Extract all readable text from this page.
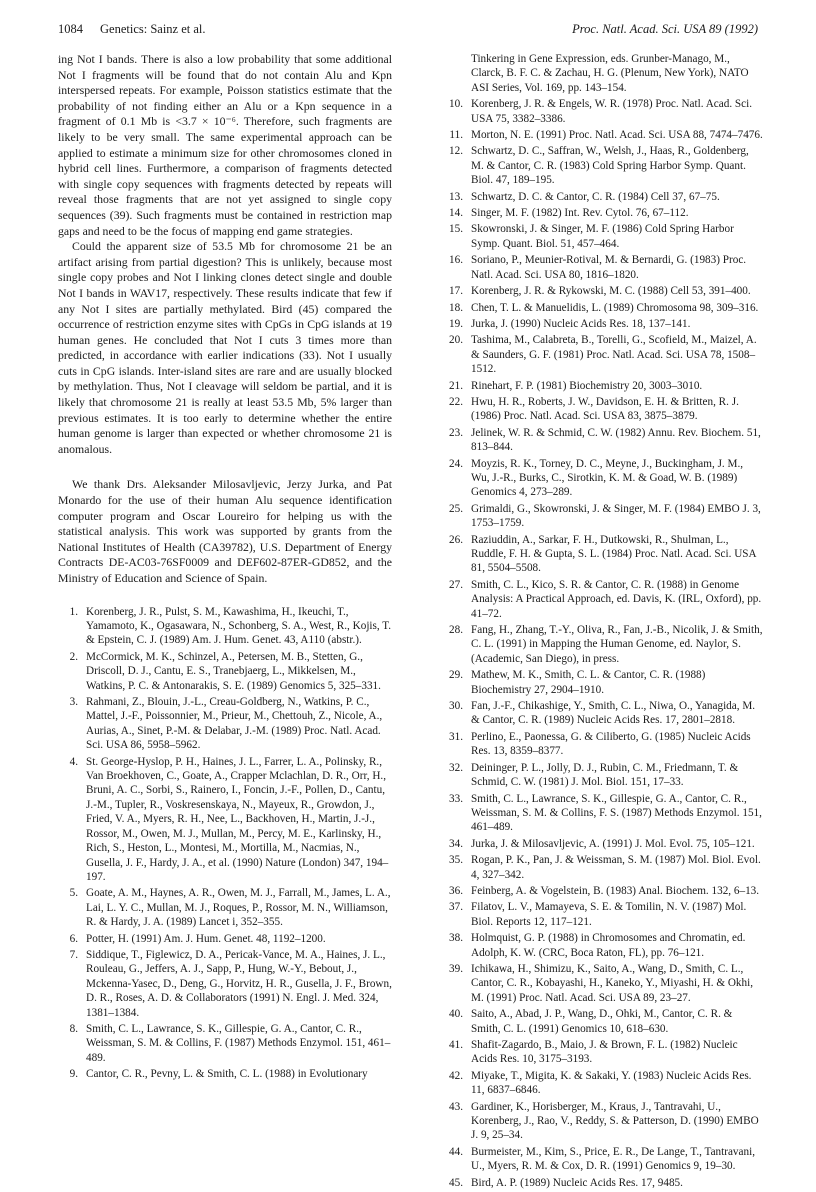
1084 Genetics: Sainz et al.	Proc. Natl. Acad. Sci. USA 89 (1992)

ing Not I bands. There is also a low probability that some additional Not I fragments will be found that do not contain Alu and Kpn interspersed repeats. For example, Poisson statistics estimate that the probability of not finding either an Alu or a Kpn sequence in a fragment of 0.1 Mb is <3.7 × 10⁻⁶. Therefore, such fragments are likely to be very small. The same experimental approach can be applied to estimate a minimum size for other chromosomes cloned in hybrid cell lines. Furthermore, a comparison of fragments detected with single copy sequences with fragments detected by repeats will reveal those fragments that are not yet assigned to single copy sequences (39). Such fragments must be contained in restriction map gaps and need to be the focus of mapping end game strategies.

Could the apparent size of 53.5 Mb for chromosome 21 be an artifact arising from partial digestion? This is unlikely, because most single copy probes and Not I linking clones detect single and double Not I bands in WAV17, respectively. These results indicate that few if any Not I sites are partially methylated. Bird (45) compared the occurrence of restriction enzyme sites with CpGs in CpG islands at 19 human genes. He concluded that Not I cuts 3 times more than predicted, in accordance with earlier indications (33). Not I usually cuts in CpG islands. Inter-island sites are rare and are usually blocked by methylation. Thus, Not I cleavage will seldom be partial, and it is likely that chromosome 21 is really at least 53.5 Mb, 5% larger than previous estimates. It is too early to determine whether the entire human genome is larger than expected or whether chromosome 21 is anomalous.

We thank Drs. Aleksander Milosavljevic, Jerzy Jurka, and Pat Monardo for the use of their human Alu sequence identification computer program and Oscar Loureiro for helping us with the statistical analysis. This work was supported by grants from the National Institutes of Health (CA39782), U.S. Department of Energy Contracts DE-AC03-76SF0009 and DEF602-87ER-GD852, and the Ministry of Education and Science of Spain.

1. Korenberg, J. R., Pulst, S. M., Kawashima, H., Ikeuchi, T., Yamamoto, K., Ogasawara, N., Schonberg, S. A., West, R., Kojis, T. & Epstein, C. J. (1989) Am. J. Hum. Genet. 43, A110 (abstr.).
2. McCormick, M. K., Schinzel, A., Petersen, M. B., Stetten, G., Driscoll, D. J., Cantu, E. S., Tranebjaerg, L., Mikkelsen, M., Watkins, P. C. & Antonarakis, S. E. (1989) Genomics 5, 325–331.
3. Rahmani, Z., Blouin, J.-L., Creau-Goldberg, N., Watkins, P. C., Mattel, J.-F., Poissonnier, M., Prieur, M., Chettouh, Z., Nicole, A., Aurias, A., Sinet, P.-M. & Delabar, J.-M. (1989) Proc. Natl. Acad. Sci. USA 86, 5958–5962.
4. St. George-Hyslop, P. H., Haines, J. L., Farrer, L. A., Polinsky, R., Van Broekhoven, C., Goate, A., Crapper Mclachlan, D. R., Orr, H., Bruni, A. C., Sorbi, S., Rainero, I., Foncin, J.-F., Pollen, D., Cantu, J.-M., Tupler, R., Voskresenskaya, N., Mayeux, R., Growdon, J., Fried, V. A., Myers, R. H., Nee, L., Backhoven, H., Martin, J.-J., Rossor, M., Owen, M. J., Mullan, M., Percy, M. E., Karlinsky, H., Rich, S., Heston, L., Montesi, M., Mortilla, M., Nacmias, N., Gusella, J. F., Hardy, J. A., et al. (1990) Nature (London) 347, 194–197.
5. Goate, A. M., Haynes, A. R., Owen, M. J., Farrall, M., James, L. A., Lai, L. Y. C., Mullan, M. J., Roques, P., Rossor, M. N., Williamson, R. & Hardy, J. A. (1989) Lancet i, 352–355.
6. Potter, H. (1991) Am. J. Hum. Genet. 48, 1192–1200.
7. Siddique, T., Figlewicz, D. A., Pericak-Vance, M. A., Haines, J. L., Rouleau, G., Jeffers, A. J., Sapp, P., Hung, W.-Y., Bebout, J., Mckenna-Yasec, D., Deng, G., Horvitz, H. R., Gusella, J. F., Brown, D. R., Roses, A. D. & Collaborators (1991) N. Engl. J. Med. 324, 1381–1384.
8. Smith, C. L., Lawrance, S. K., Gillespie, G. A., Cantor, C. R., Weissman, S. M. & Collins, F. (1987) Methods Enzymol. 151, 461–489.
9. Cantor, C. R., Pevny, L. & Smith, C. L. (1988) in Evolutionary
Tinkering in Gene Expression, eds. Grunber-Manago, M., Clarck, B. F. C. & Zachau, H. G. (Plenum, New York), NATO ASI Series, Vol. 169, pp. 143–154.
10. Korenberg, J. R. & Engels, W. R. (1978) Proc. Natl. Acad. Sci. USA 75, 3382–3386.
11. Morton, N. E. (1991) Proc. Natl. Acad. Sci. USA 88, 7474–7476.
12. Schwartz, D. C., Saffran, W., Welsh, J., Haas, R., Goldenberg, M. & Cantor, C. R. (1983) Cold Spring Harbor Symp. Quant. Biol. 47, 189–195.
13. Schwartz, D. C. & Cantor, C. R. (1984) Cell 37, 67–75.
14. Singer, M. F. (1982) Int. Rev. Cytol. 76, 67–112.
15. Skowronski, J. & Singer, M. F. (1986) Cold Spring Harbor Symp. Quant. Biol. 51, 457–464.
16. Soriano, P., Meunier-Rotival, M. & Bernardi, G. (1983) Proc. Natl. Acad. Sci. USA 80, 1816–1820.
17. Korenberg, J. R. & Rykowski, M. C. (1988) Cell 53, 391–400.
18. Chen, T. L. & Manuelidis, L. (1989) Chromosoma 98, 309–316.
19. Jurka, J. (1990) Nucleic Acids Res. 18, 137–141.
20. Tashima, M., Calabreta, B., Torelli, G., Scofield, M., Maizel, A. & Saunders, G. F. (1981) Proc. Natl. Acad. Sci. USA 78, 1508–1512.
21. Rinehart, F. P. (1981) Biochemistry 20, 3003–3010.
22. Hwu, H. R., Roberts, J. W., Davidson, E. H. & Britten, R. J. (1986) Proc. Natl. Acad. Sci. USA 83, 3875–3879.
23. Jelinek, W. R. & Schmid, C. W. (1982) Annu. Rev. Biochem. 51, 813–844.
24. Moyzis, R. K., Torney, D. C., Meyne, J., Buckingham, J. M., Wu, J.-R., Burks, C., Sirotkin, K. M. & Goad, W. B. (1989) Genomics 4, 273–289.
25. Grimaldi, G., Skowronski, J. & Singer, M. F. (1984) EMBO J. 3, 1753–1759.
26. Raziuddin, A., Sarkar, F. H., Dutkowski, R., Shulman, L., Ruddle, F. H. & Gupta, S. L. (1984) Proc. Natl. Acad. Sci. USA 81, 5504–5508.
27. Smith, C. L., Kico, S. R. & Cantor, C. R. (1988) in Genome Analysis: A Practical Approach, ed. Davis, K. (IRL, Oxford), pp. 41–72.
28. Fang, H., Zhang, T.-Y., Oliva, R., Fan, J.-B., Nicolik, J. & Smith, C. L. (1991) in Mapping the Human Genome, ed. Naylor, S. (Academic, San Diego), in press.
29. Mathew, M. K., Smith, C. L. & Cantor, C. R. (1988) Biochemistry 27, 2904–1910.
30. Fan, J.-F., Chikashige, Y., Smith, C. L., Niwa, O., Yanagida, M. & Cantor, C. R. (1989) Nucleic Acids Res. 17, 2801–2818.
31. Perlino, E., Paonessa, G. & Ciliberto, G. (1985) Nucleic Acids Res. 13, 8359–8377.
32. Deininger, P. L., Jolly, D. J., Rubin, C. M., Friedmann, T. & Schmid, C. W. (1981) J. Mol. Biol. 151, 17–33.
33. Smith, C. L., Lawrance, S. K., Gillespie, G. A., Cantor, C. R., Weissman, S. M. & Collins, F. S. (1987) Methods Enzymol. 151, 461–489.
34. Jurka, J. & Milosavljevic, A. (1991) J. Mol. Evol. 75, 105–121.
35. Rogan, P. K., Pan, J. & Weissman, S. M. (1987) Mol. Biol. Evol. 4, 327–342.
36. Feinberg, A. & Vogelstein, B. (1983) Anal. Biochem. 132, 6–13.
37. Filatov, L. V., Mamayeva, S. E. & Tomilin, N. V. (1987) Mol. Biol. Reports 12, 117–121.
38. Holmquist, G. P. (1988) in Chromosomes and Chromatin, ed. Adolph, K. W. (CRC, Boca Raton, FL), pp. 76–121.
39. Ichikawa, H., Shimizu, K., Saito, A., Wang, D., Smith, C. L., Cantor, C. R., Kobayashi, H., Kaneko, Y., Miyashi, H. & Okhi, M. (1991) Proc. Natl. Acad. Sci. USA 89, 23–27.
40. Saito, A., Abad, J. P., Wang, D., Ohki, M., Cantor, C. R. & Smith, C. L. (1991) Genomics 10, 618–630.
41. Shafit-Zagardo, B., Maio, J. & Brown, F. L. (1982) Nucleic Acids Res. 10, 3175–3193.
42. Miyake, T., Migita, K. & Sakaki, Y. (1983) Nucleic Acids Res. 11, 6837–6846.
43. Gardiner, K., Horisberger, M., Kraus, J., Tantravahi, U., Korenberg, J., Rao, V., Reddy, S. & Patterson, D. (1990) EMBO J. 9, 25–34.
44. Burmeister, M., Kim, S., Price, E. R., De Lange, T., Tantravani, U., Myers, R. M. & Cox, D. R. (1991) Genomics 9, 19–30.
45. Bird, A. P. (1989) Nucleic Acids Res. 17, 9485.
